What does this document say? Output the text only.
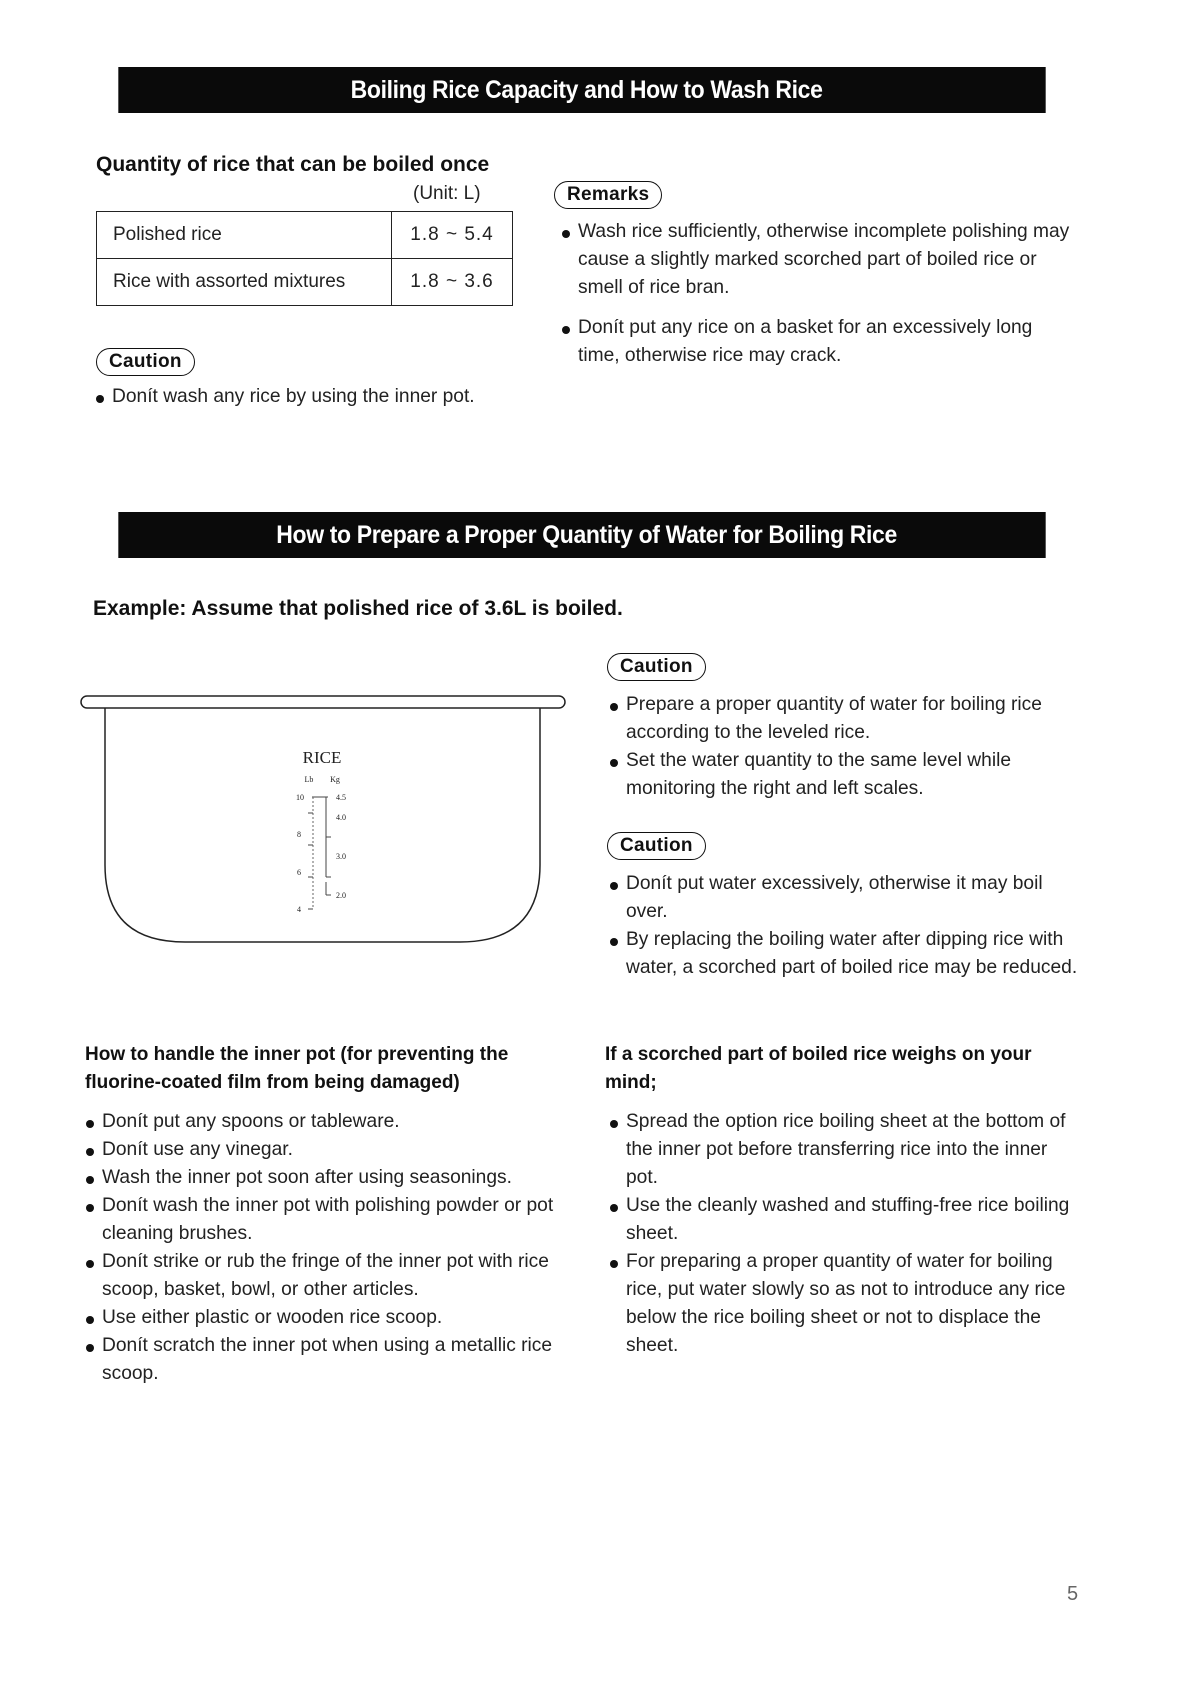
Boiling Rice Capacity and How to Wash Rice
Quantity of rice that can be boiled once
(Unit: L)
Polished rice	1.8 ~ 5.4
Rice with assorted mixtures	1.8 ~ 3.6
Caution
Donít wash any rice by using the inner pot.
Remarks
Wash rice sufficiently, otherwise incomplete polishing may cause a slightly marked scorched part of boiled rice or smell of rice bran.
Donít put any rice on a basket for an excessively long time, otherwise rice may crack.
How to Prepare a Proper Quantity of Water for Boiling Rice
Example: Assume that polished rice of 3.6L is boiled.
RICE
Lb Kg
10
8
6
4
4.5
4.0
3.0
2.0
Caution
Prepare a proper quantity of water for boiling rice according to the leveled rice.
Set the water quantity to the same level while monitoring the right and left scales.
Caution
Donít put water excessively, otherwise it may boil over.
By replacing the boiling water after dipping rice with water, a scorched part of boiled rice may be reduced.
How to handle the inner pot (for preventing the fluorine-coated film from being damaged)
Donít put any spoons or tableware.
Donít use any vinegar.
Wash the inner pot soon after using seasonings.
Donít wash the inner pot with polishing powder or pot cleaning brushes.
Donít strike or rub the fringe of the inner pot with rice scoop, basket, bowl, or other articles.
Use either plastic or wooden rice scoop.
Donít scratch the inner pot when using a metallic rice scoop.
If a scorched part of boiled rice weighs on your mind;
Spread the option rice boiling sheet at the bottom of the inner pot before transferring rice into the inner pot.
Use the cleanly washed and stuffing-free rice boiling sheet.
For preparing a proper quantity of water for boiling rice, put water slowly so as not to introduce any rice below the rice boiling sheet or not to displace the sheet.
5
